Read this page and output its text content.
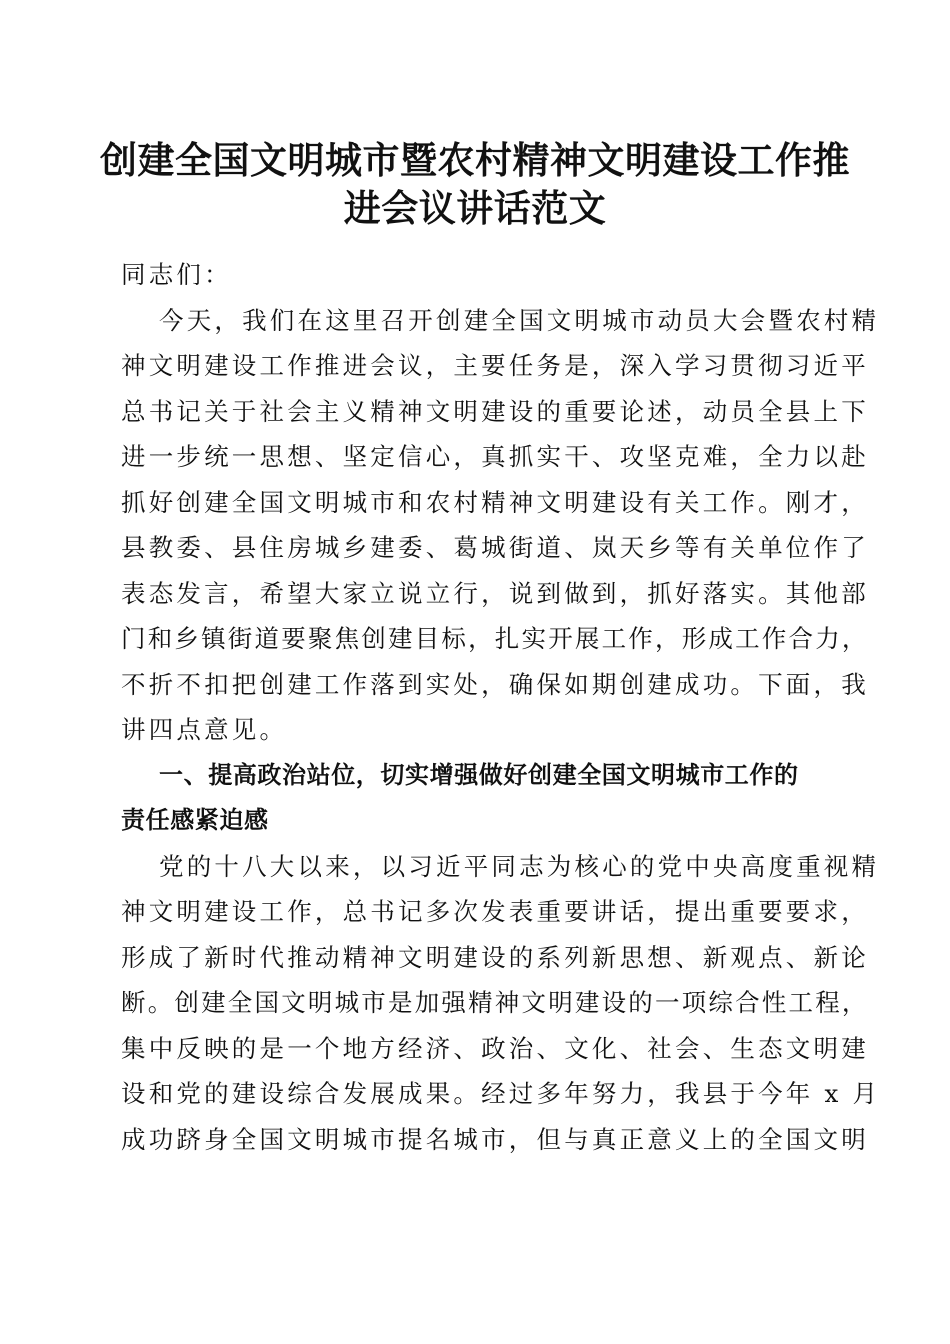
创建全国文明城市暨农村精神文明建设工作推
进会议讲话范文
同志们：
今天，我们在这里召开创建全国文明城市动员大会暨农村精
神文明建设工作推进会议，主要任务是，深入学习贯彻习近平
总书记关于社会主义精神文明建设的重要论述，动员全县上下
进一步统一思想、坚定信心，真抓实干、攻坚克难，全力以赴
抓好创建全国文明城市和农村精神文明建设有关工作。刚才，
县教委、县住房城乡建委、葛城街道、岚天乡等有关单位作了
表态发言，希望大家立说立行，说到做到，抓好落实。其他部
门和乡镇街道要聚焦创建目标，扎实开展工作，形成工作合力，
不折不扣把创建工作落到实处，确保如期创建成功。下面，我
讲四点意见。
一、提高政治站位，切实增强做好创建全国文明城市工作的
责任感紧迫感
党的十八大以来，以习近平同志为核心的党中央高度重视精
神文明建设工作，总书记多次发表重要讲话，提出重要要求，
形成了新时代推动精神文明建设的系列新思想、新观点、新论
断。创建全国文明城市是加强精神文明建设的一项综合性工程，
集中反映的是一个地方经济、政治、文化、社会、生态文明建
设和党的建设综合发展成果。经过多年努力，我县于今年 x 月
成功跻身全国文明城市提名城市，但与真正意义上的全国文明
